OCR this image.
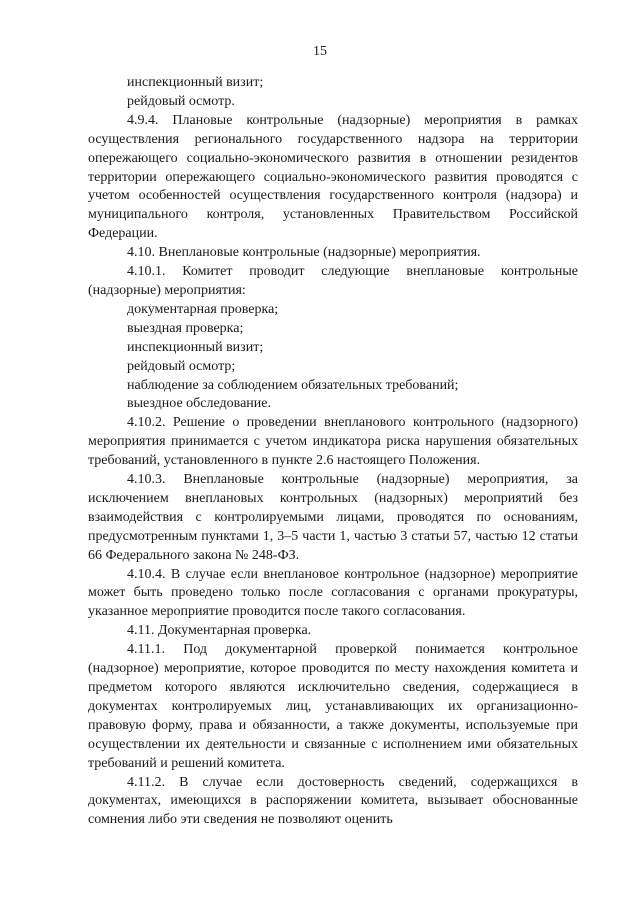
15

инспекционный визит;

рейдовый осмотр.

4.9.4. Плановые контрольные (надзорные) мероприятия в рамках осуществления регионального государственного надзора на территории опережающего социально-экономического развития в отношении резидентов территории опережающего социально-экономического развития проводятся с учетом особенностей осуществления государственного контроля (надзора) и муниципального контроля, установленных Правительством Российской Федерации.

4.10. Внеплановые контрольные (надзорные) мероприятия.

4.10.1. Комитет проводит следующие внеплановые контрольные (надзорные) мероприятия:

документарная проверка;

выездная проверка;

инспекционный визит;

рейдовый осмотр;

наблюдение за соблюдением обязательных требований;

выездное обследование.

4.10.2. Решение о проведении внепланового контрольного (надзорного) мероприятия принимается с учетом индикатора риска нарушения обязательных требований, установленного в пункте 2.6 настоящего Положения.

4.10.3. Внеплановые контрольные (надзорные) мероприятия, за исключением внеплановых контрольных (надзорных) мероприятий без взаимодействия с контролируемыми лицами, проводятся по основаниям, предусмотренным пунктами 1, 3–5 части 1, частью 3 статьи 57, частью 12 статьи 66 Федерального закона № 248-ФЗ.

4.10.4. В случае если внеплановое контрольное (надзорное) мероприятие может быть проведено только после согласования с органами прокуратуры, указанное мероприятие проводится после такого согласования.

4.11. Документарная проверка.

4.11.1. Под документарной проверкой понимается контрольное (надзорное) мероприятие, которое проводится по месту нахождения комитета и предметом которого являются исключительно сведения, содержащиеся в документах контролируемых лиц, устанавливающих их организационно-правовую форму, права и обязанности, а также документы, используемые при осуществлении их деятельности и связанные с исполнением ими обязательных требований и решений комитета.

4.11.2. В случае если достоверность сведений, содержащихся в документах, имеющихся в распоряжении комитета, вызывает обоснованные сомнения либо эти сведения не позволяют оценить
